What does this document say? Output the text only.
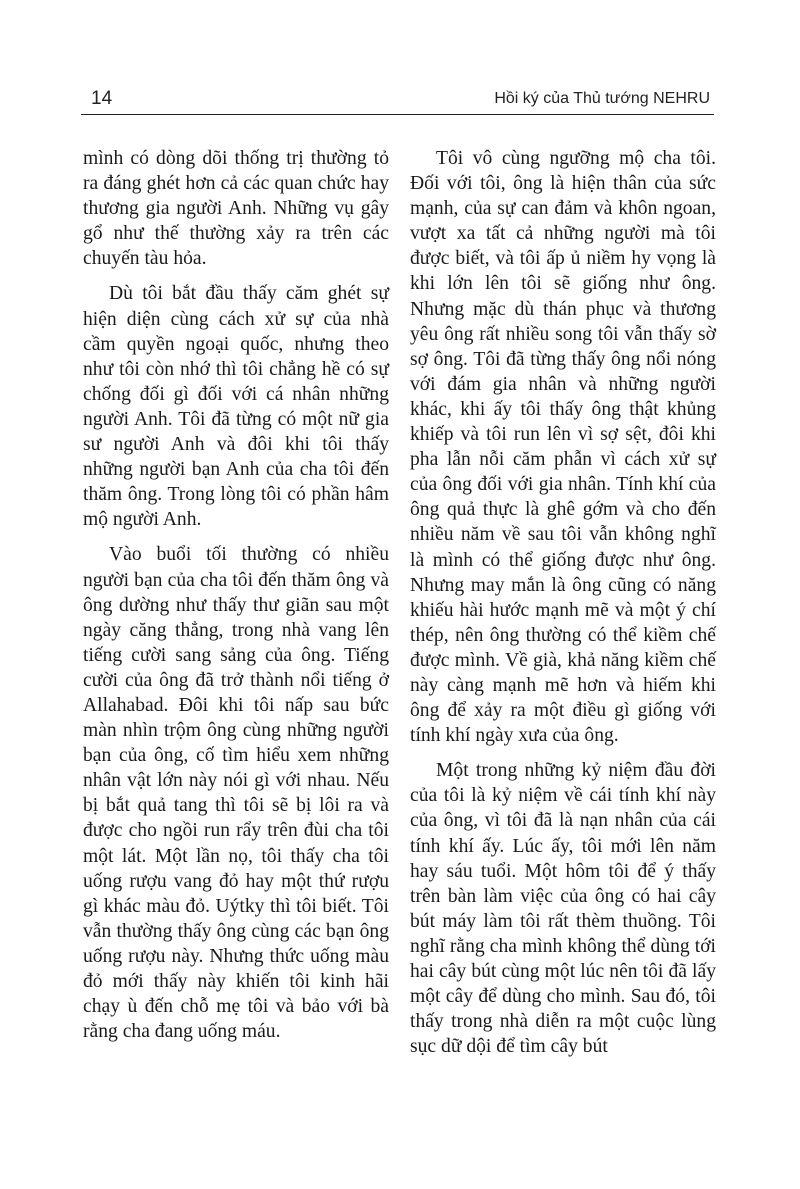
14	Hồi ký của Thủ tướng NEHRU

mình có dòng dõi thống trị thường tỏ ra đáng ghét hơn cả các quan chức hay thương gia người Anh. Những vụ gây gổ như thế thường xảy ra trên các chuyến tàu hỏa.

Dù tôi bắt đầu thấy căm ghét sự hiện diện cùng cách xử sự của nhà cầm quyền ngoại quốc, nhưng theo như tôi còn nhớ thì tôi chẳng hề có sự chống đối gì đối với cá nhân những người Anh. Tôi đã từng có một nữ gia sư người Anh và đôi khi tôi thấy những người bạn Anh của cha tôi đến thăm ông. Trong lòng tôi có phần hâm mộ người Anh.

Vào buổi tối thường có nhiều người bạn của cha tôi đến thăm ông và ông dường như thấy thư giãn sau một ngày căng thẳng, trong nhà vang lên tiếng cười sang sảng của ông. Tiếng cười của ông đã trở thành nổi tiếng ở Allahabad. Đôi khi tôi nấp sau bức màn nhìn trộm ông cùng những người bạn của ông, cố tìm hiểu xem những nhân vật lớn này nói gì với nhau. Nếu bị bắt quả tang thì tôi sẽ bị lôi ra và được cho ngồi run rẩy trên đùi cha tôi một lát. Một lần nọ, tôi thấy cha tôi uống rượu vang đỏ hay một thứ rượu gì khác màu đỏ. Uýtky thì tôi biết. Tôi vẫn thường thấy ông cùng các bạn ông uống rượu này. Nhưng thức uống màu đỏ mới thấy này khiến tôi kinh hãi chạy ù đến chỗ mẹ tôi và bảo với bà rằng cha đang uống máu.

Tôi vô cùng ngưỡng mộ cha tôi. Đối với tôi, ông là hiện thân của sức mạnh, của sự can đảm và khôn ngoan, vượt xa tất cả những người mà tôi được biết, và tôi ấp ủ niềm hy vọng là khi lớn lên tôi sẽ giống như ông. Nhưng mặc dù thán phục và thương yêu ông rất nhiều song tôi vẫn thấy sờ sợ ông. Tôi đã từng thấy ông nổi nóng với đám gia nhân và những người khác, khi ấy tôi thấy ông thật khủng khiếp và tôi run lên vì sợ sệt, đôi khi pha lẫn nỗi căm phẫn vì cách xử sự của ông đối với gia nhân. Tính khí của ông quả thực là ghê gớm và cho đến nhiều năm về sau tôi vẫn không nghĩ là mình có thể giống được như ông. Nhưng may mắn là ông cũng có năng khiếu hài hước mạnh mẽ và một ý chí thép, nên ông thường có thể kiềm chế được mình. Về già, khả năng kiềm chế này càng mạnh mẽ hơn và hiếm khi ông để xảy ra một điều gì giống với tính khí ngày xưa của ông.

Một trong những kỷ niệm đầu đời của tôi là kỷ niệm về cái tính khí này của ông, vì tôi đã là nạn nhân của cái tính khí ấy. Lúc ấy, tôi mới lên năm hay sáu tuổi. Một hôm tôi để ý thấy trên bàn làm việc của ông có hai cây bút máy làm tôi rất thèm thuồng. Tôi nghĩ rằng cha mình không thể dùng tới hai cây bút cùng một lúc nên tôi đã lấy một cây để dùng cho mình. Sau đó, tôi thấy trong nhà diễn ra một cuộc lùng sục dữ dội để tìm cây bút
